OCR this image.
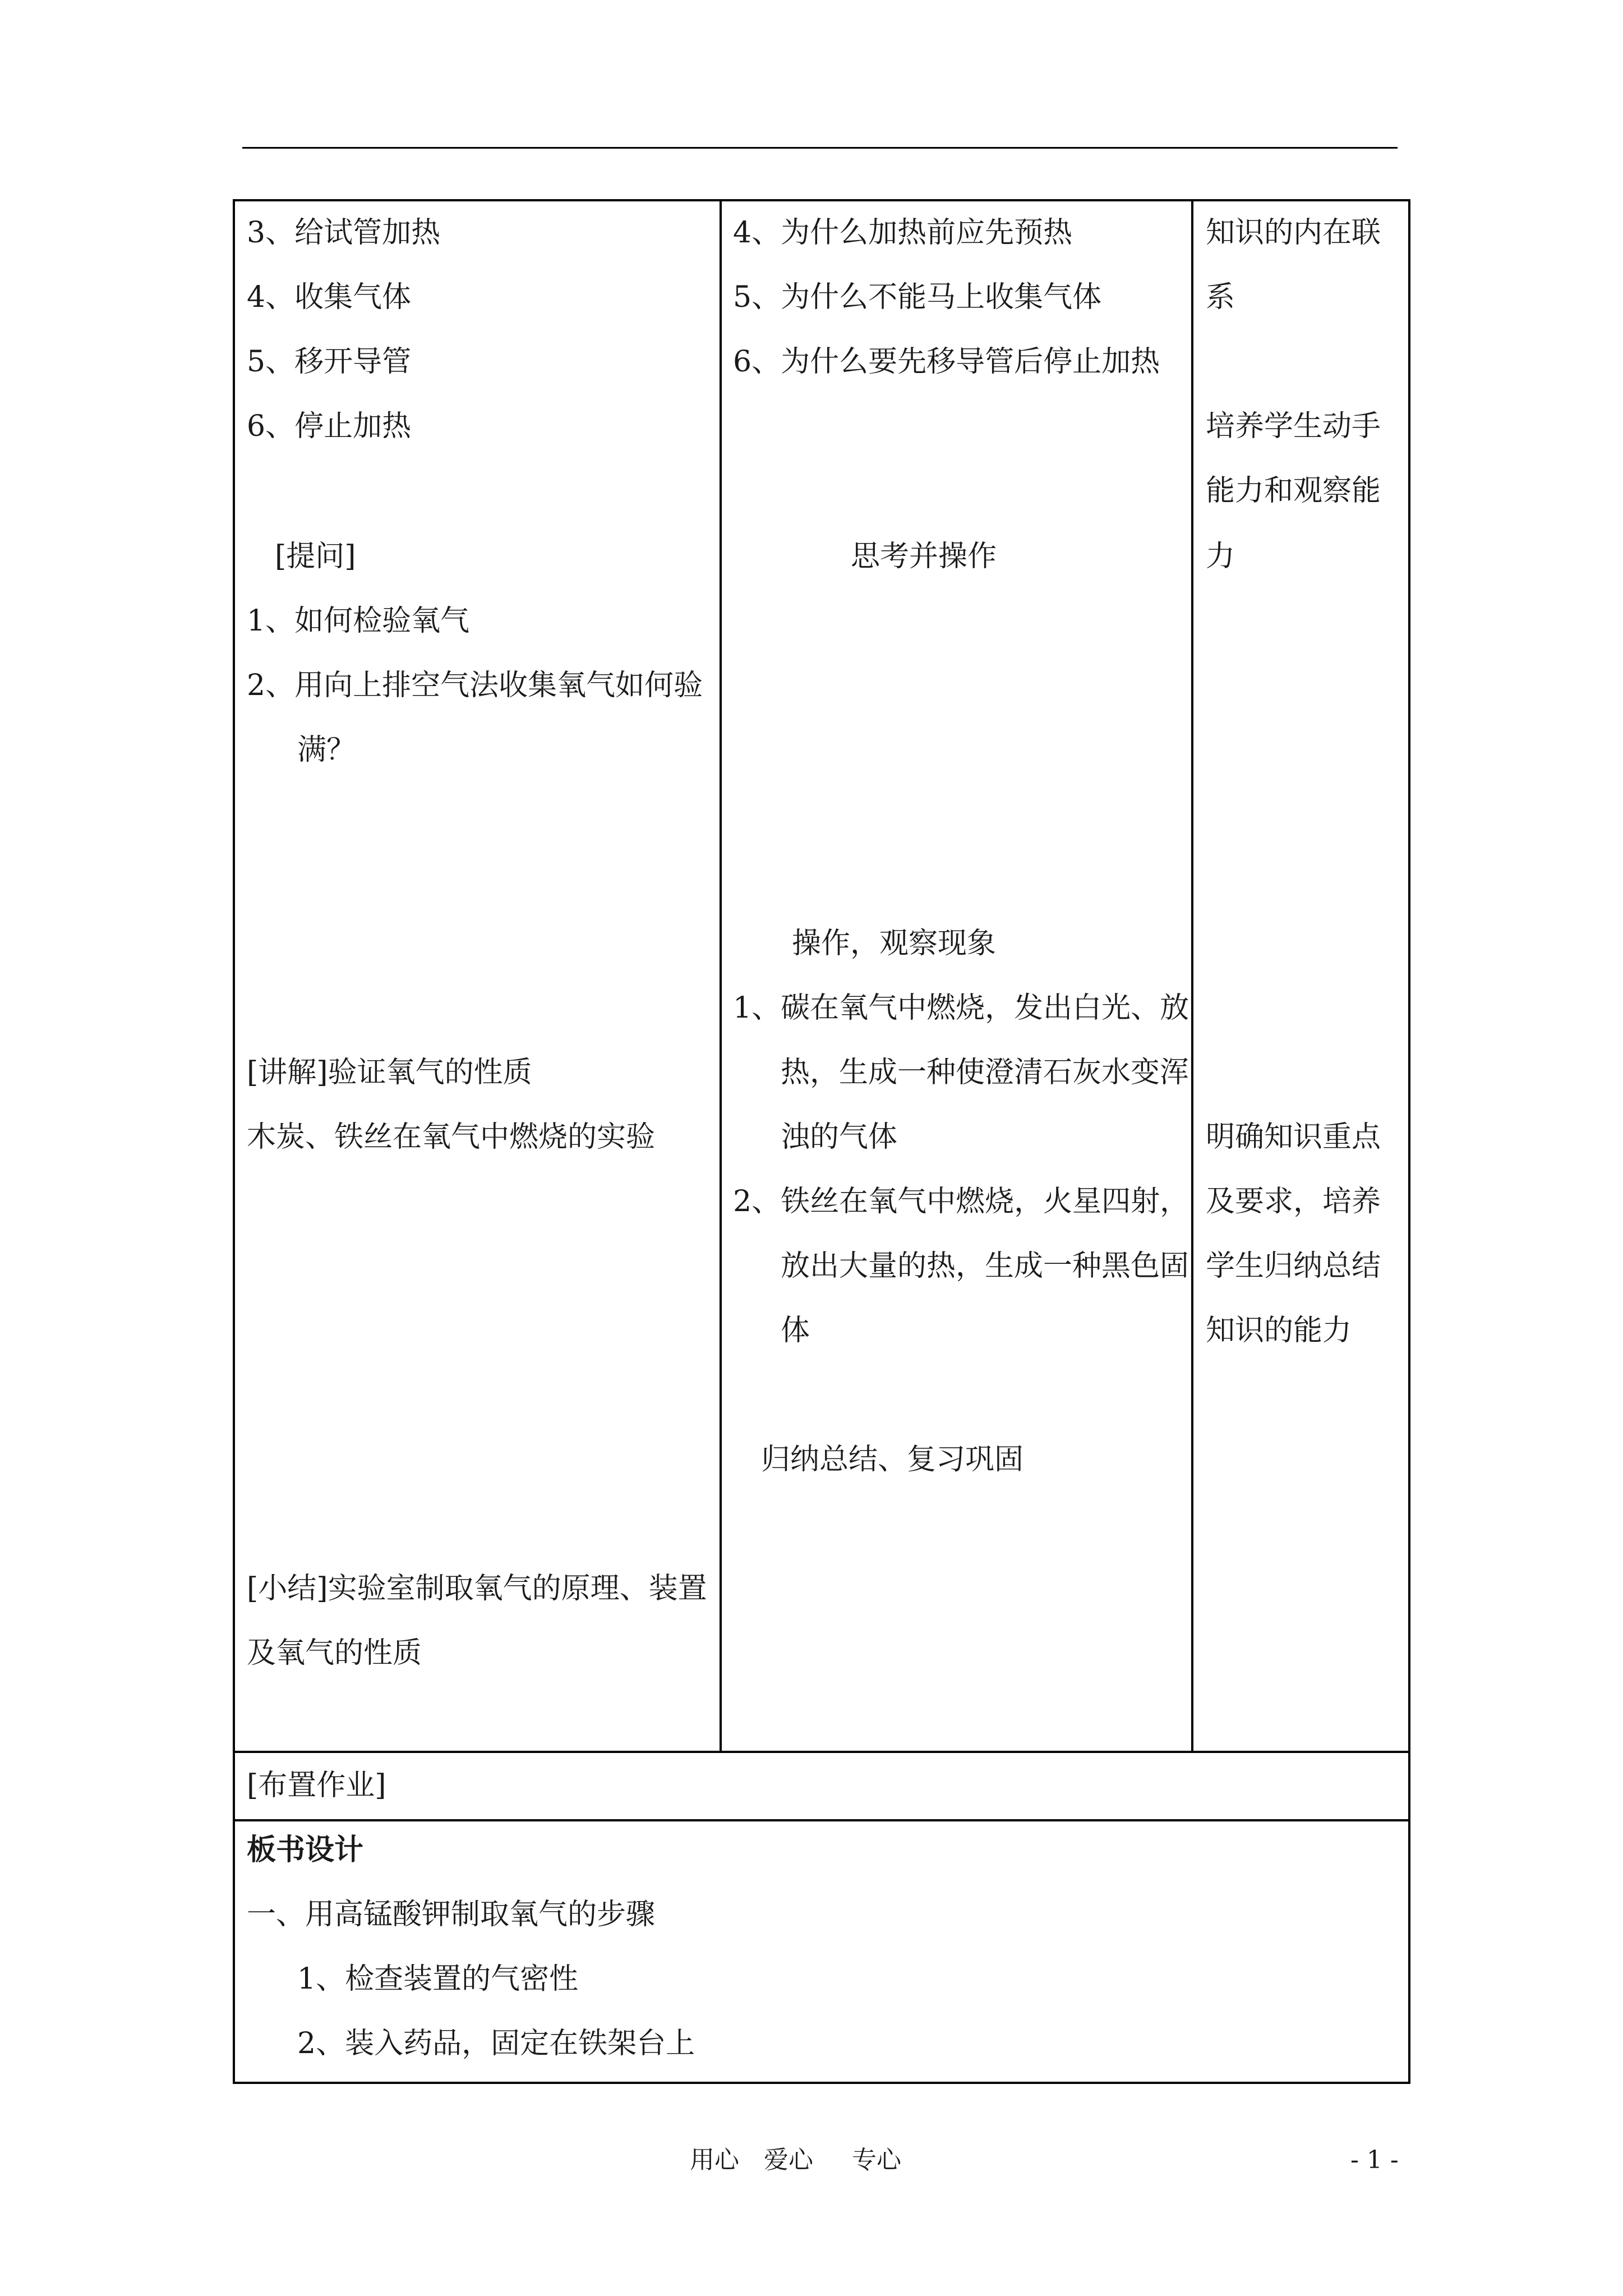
3、给试管加热
4、收集气体
5、移开导管
6、停止加热
[提问]
1、如何检验氧气
2、用向上排空气法收集氧气如何验
满？
[讲解]验证氧气的性质
木炭、铁丝在氧气中燃烧的实验
[小结]实验室制取氧气的原理、装置
及氧气的性质
4、为什么加热前应先预热
5、为什么不能马上收集气体
6、为什么要先移导管后停止加热
思考并操作
操作，观察现象
1、碳在氧气中燃烧，发出白光、放
热，生成一种使澄清石灰水变浑
浊的气体
2、铁丝在氧气中燃烧，火星四射，
放出大量的热，生成一种黑色固
体
归纳总结、复习巩固
知识的内在联
系
培养学生动手
能力和观察能
力
明确知识重点
及要求，培养
学生归纳总结
知识的能力
[布置作业]
板书设计
一、用高锰酸钾制取氧气的步骤
1、检查装置的气密性
2、装入药品，固定在铁架台上
用心 爱心 专心	- 1 -
